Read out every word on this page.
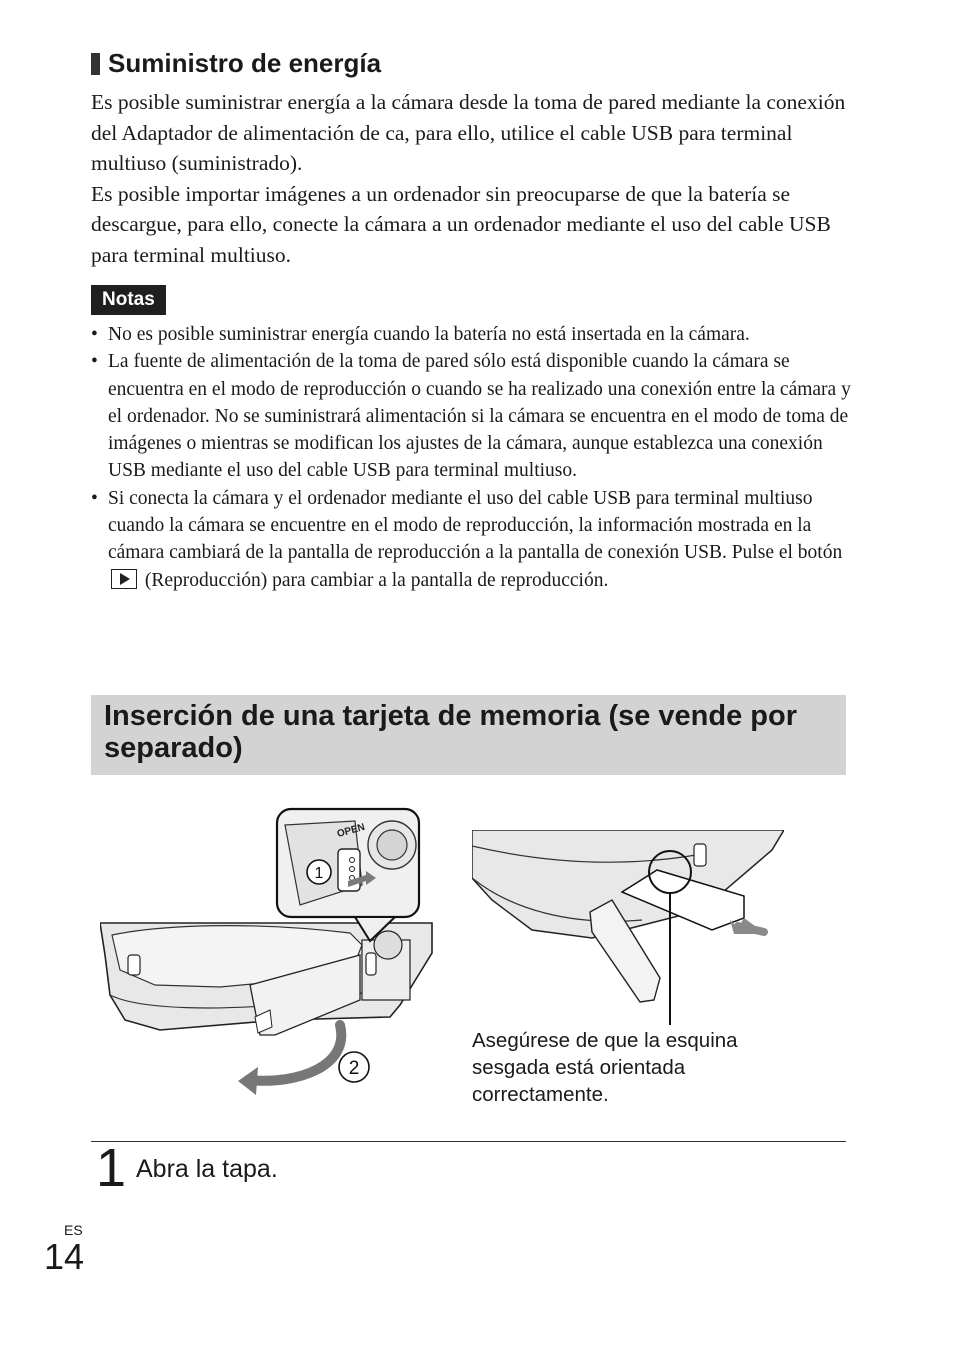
Suministro de energía

Es posible suministrar energía a la cámara desde la toma de pared mediante la conexión del Adaptador de alimentación de ca, para ello, utilice el cable USB para terminal multiuso (suministrado).

Es posible importar imágenes a un ordenador sin preocuparse de que la batería se descargue, para ello, conecte la cámara a un ordenador mediante el uso del cable USB para terminal multiuso.

Notas
• No es posible suministrar energía cuando la batería no está insertada en la cámara.
• La fuente de alimentación de la toma de pared sólo está disponible cuando la cámara se encuentra en el modo de reproducción o cuando se ha realizado una conexión entre la cámara y el ordenador. No se suministrará alimentación si la cámara se encuentra en el modo de toma de imágenes o mientras se modifican los ajustes de la cámara, aunque establezca una conexión USB mediante el uso del cable USB para terminal multiuso.
• Si conecta la cámara y el ordenador mediante el uso del cable USB para terminal multiuso cuando la cámara se encuentre en el modo de reproducción, la información mostrada en la cámara cambiará de la pantalla de reproducción a la pantalla de conexión USB. Pulse el botón  (Reproducción) para cambiar a la pantalla de reproducción.
Inserción de una tarjeta de memoria (se vende por separado)
OPEN
1
2
Asegúrese de que la esquina sesgada está orientada correctamente.
1 Abra la tapa.
ES
14
